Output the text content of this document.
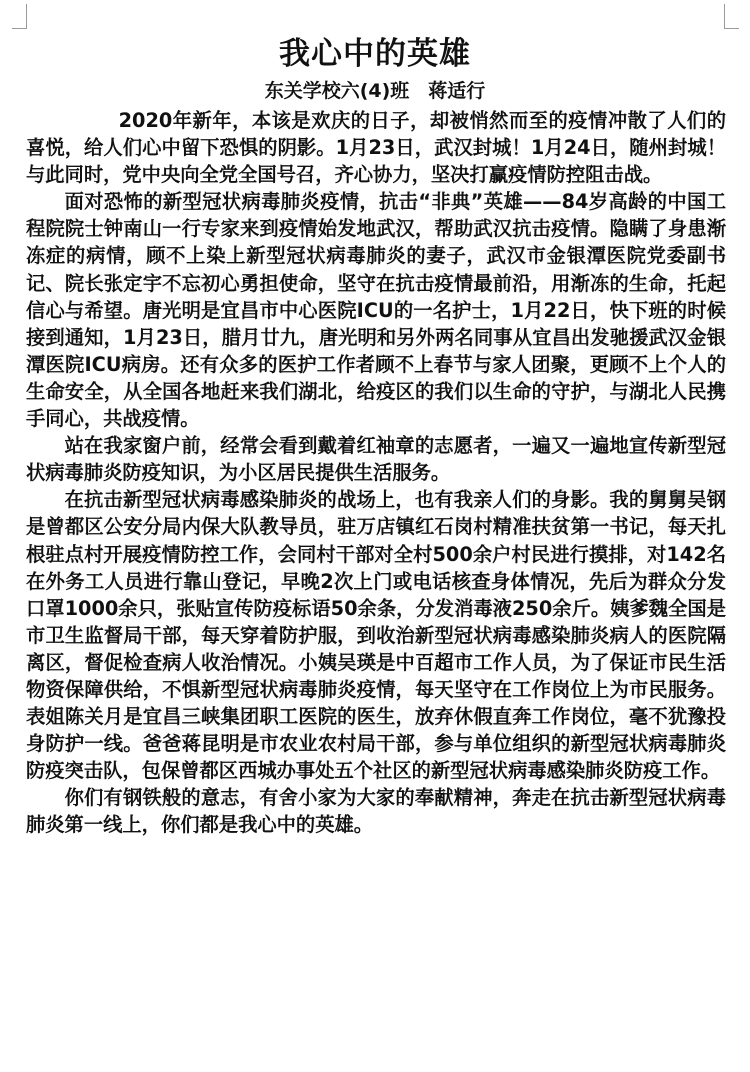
我心中的英雄
东关学校六(4)班　蒋适行

2020年新年，本该是欢庆的日子，却被悄然而至的疫情冲散了人们的喜悦，给人们心中留下恐惧的阴影。1月23日，武汉封城！1月24日，随州封城！与此同时，党中央向全党全国号召，齐心协力，坚决打赢疫情防控阻击战。

面对恐怖的新型冠状病毒肺炎疫情，抗击“非典”英雄——84岁高龄的中国工程院院士钟南山一行专家来到疫情始发地武汉，帮助武汉抗击疫情。隐瞒了身患渐冻症的病情，顾不上染上新型冠状病毒肺炎的妻子，武汉市金银潭医院党委副书记、院长张定宇不忘初心勇担使命，坚守在抗击疫情最前沿，用渐冻的生命，托起信心与希望。唐光明是宜昌市中心医院ICU的一名护士，1月22日，快下班的时候接到通知，1月23日，腊月廿九，唐光明和另外两名同事从宜昌出发驰援武汉金银潭医院ICU病房。还有众多的医护工作者顾不上春节与家人团聚，更顾不上个人的生命安全，从全国各地赶来我们湖北，给疫区的我们以生命的守护，与湖北人民携手同心，共战疫情。

站在我家窗户前，经常会看到戴着红袖章的志愿者，一遍又一遍地宣传新型冠状病毒肺炎防疫知识，为小区居民提供生活服务。

在抗击新型冠状病毒感染肺炎的战场上，也有我亲人们的身影。我的舅舅吴钢是曾都区公安分局内保大队教导员，驻万店镇红石岗村精准扶贫第一书记，每天扎根驻点村开展疫情防控工作，会同村干部对全村500余户村民进行摸排，对142名在外务工人员进行靠山登记，早晚2次上门或电话核查身体情况，先后为群众分发口罩1000余只，张贴宣传防疫标语50余条，分发消毒液250余斤。姨爹魏全国是市卫生监督局干部，每天穿着防护服，到收治新型冠状病毒感染肺炎病人的医院隔离区，督促检查病人收治情况。小姨吴瑛是中百超市工作人员，为了保证市民生活物资保障供给，不惧新型冠状病毒肺炎疫情，每天坚守在工作岗位上为市民服务。表姐陈关月是宜昌三峡集团职工医院的医生，放弃休假直奔工作岗位，毫不犹豫投身防护一线。爸爸蒋昆明是市农业农村局干部，参与单位组织的新型冠状病毒肺炎防疫突击队，包保曾都区西城办事处五个社区的新型冠状病毒感染肺炎防疫工作。

你们有钢铁般的意志，有舍小家为大家的奉献精神，奔走在抗击新型冠状病毒肺炎第一线上，你们都是我心中的英雄。
